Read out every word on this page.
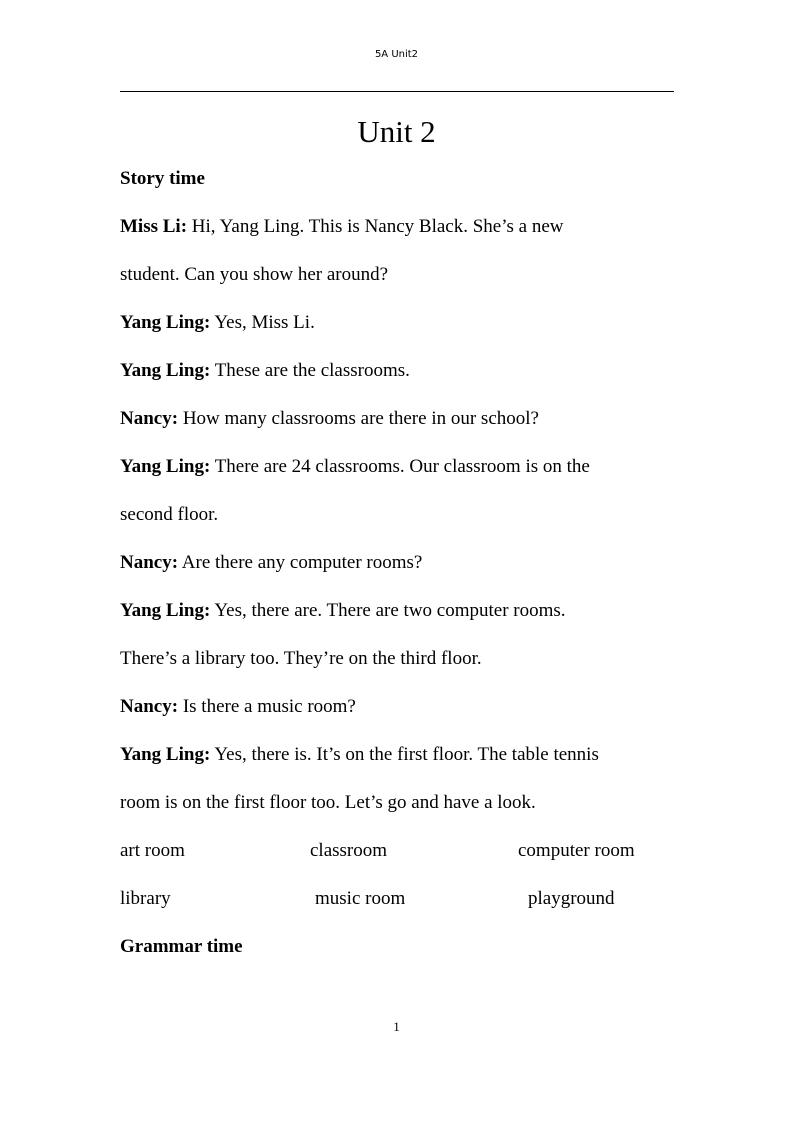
5A Unit2
Unit 2
Story time
Miss Li: Hi, Yang Ling. This is Nancy Black. She’s a new
student. Can you show her around?
Yang Ling: Yes, Miss Li.
Yang Ling: These are the classrooms.
Nancy: How many classrooms are there in our school?
Yang Ling: There are 24 classrooms. Our classroom is on the
second floor.
Nancy: Are there any computer rooms?
Yang Ling: Yes, there are. There are two computer rooms.
There’s a library too. They’re on the third floor.
Nancy: Is there a music room?
Yang Ling: Yes, there is. It’s on the first floor. The table tennis
room is on the first floor too. Let’s go and have a look.
art room	classroom	computer room
library	music room	playground
Grammar time
1
